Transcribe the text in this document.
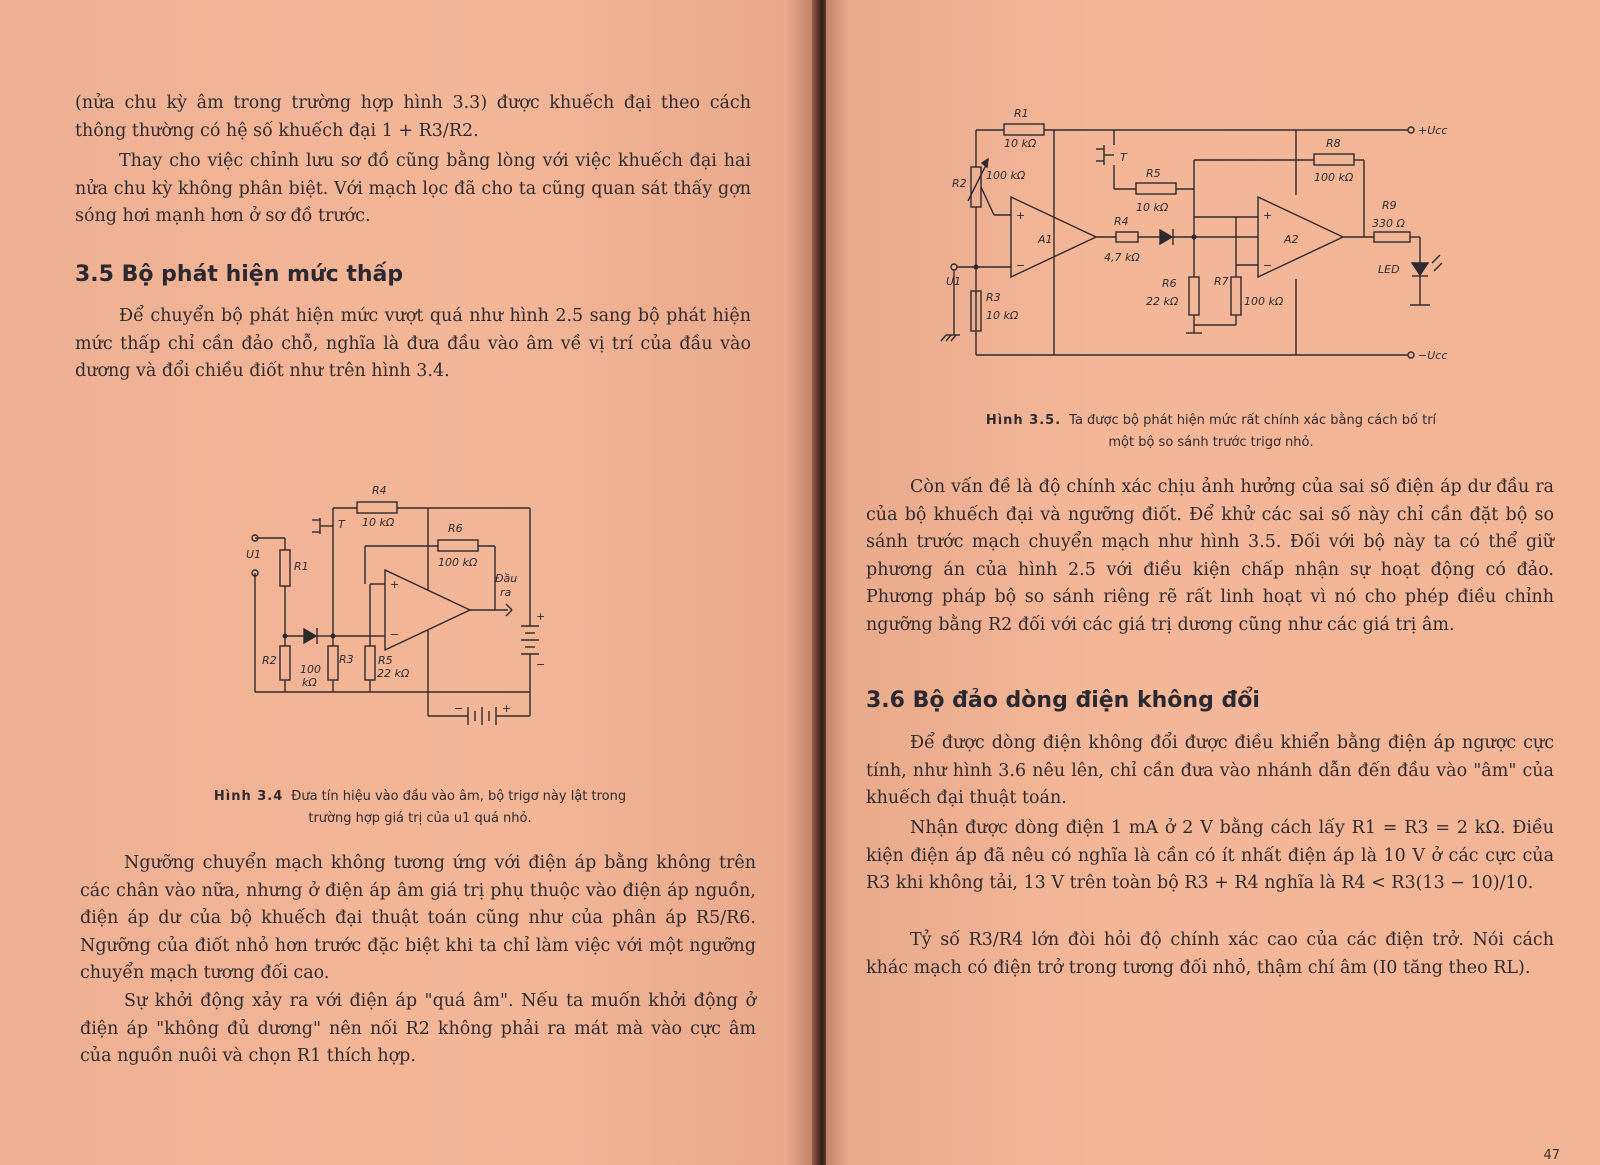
(nửa chu kỳ âm trong trường hợp hình 3.3) được khuếch đại theo cách thông thường có hệ số khuếch đại 1 + R3/R2.

Thay cho việc chỉnh lưu sơ đồ cũng bằng lòng với việc khuếch đại hai nửa chu kỳ không phân biệt. Với mạch lọc đã cho ta cũng quan sát thấy gợn sóng hơi mạnh hơn ở sơ đồ trước.

3.5 Bộ phát hiện mức thấp

Để chuyển bộ phát hiện mức vượt quá như hình 2.5 sang bộ phát hiện mức thấp chỉ cần đảo chỗ, nghĩa là đưa đầu vào âm về vị trí của đầu vào dương và đổi chiều điốt như trên hình 3.4.

U1
R1
R2	R3
100
kΩ
T
R4
10 kΩ
R5
22 kΩ
+
−
R6
100 kΩ
Đầu
ra
+
−
−	+
Hình 3.4 Đưa tín hiệu vào đầu vào âm, bộ trigơ này lật trong
trường hợp giá trị của u1 quá nhỏ.

Ngưỡng chuyển mạch không tương ứng với điện áp bằng không trên các chân vào nữa, nhưng ở điện áp âm giá trị phụ thuộc vào điện áp nguồn, điện áp dư của bộ khuếch đại thuật toán cũng như của phân áp R5/R6. Ngưỡng của điốt nhỏ hơn trước đặc biệt khi ta chỉ làm việc với một ngưỡng chuyển mạch tương đối cao.

Sự khởi động xảy ra với điện áp "quá âm". Nếu ta muốn khởi động ở điện áp "không đủ dương" nên nối R2 không phải ra mát mà vào cực âm của nguồn nuôi và chọn R1 thích hợp.

R1
10 kΩ
+Ucc
R2
100 kΩ
+
−
A1
U1
R3
10 kΩ
−Ucc
T
R5
10 kΩ
R4
4,7 kΩ
R6
22 kΩ
R7
100 kΩ
+
−
A2
R8
100 kΩ
R9
330 Ω
LED
Hình 3.5. Ta được bộ phát hiện mức rất chính xác bằng cách bố trí
một bộ so sánh trước trigơ nhỏ.

Còn vấn đề là độ chính xác chịu ảnh hưởng của sai số điện áp dư đầu ra của bộ khuếch đại và ngưỡng điốt. Để khử các sai số này chỉ cần đặt bộ so sánh trước mạch chuyển mạch như hình 3.5. Đối với bộ này ta có thể giữ phương án của hình 2.5 với điều kiện chấp nhận sự hoạt động có đảo. Phương pháp bộ so sánh riêng rẽ rất linh hoạt vì nó cho phép điều chỉnh ngưỡng bằng R2 đối với các giá trị dương cũng như các giá trị âm.

3.6 Bộ đảo dòng điện không đổi

Để được dòng điện không đổi được điều khiển bằng điện áp ngược cực tính, như hình 3.6 nêu lên, chỉ cần đưa vào nhánh dẫn đến đầu vào "âm" của khuếch đại thuật toán.

Nhận được dòng điện 1 mA ở 2 V bằng cách lấy R1 = R3 = 2 kΩ. Điều kiện điện áp đã nêu có nghĩa là cần có ít nhất điện áp là 10 V ở các cực của R3 khi không tải, 13 V trên toàn bộ R3 + R4 nghĩa là R4 < R3(13 − 10)/10.

Tỷ số R3/R4 lớn đòi hỏi độ chính xác cao của các điện trở. Nói cách khác mạch có điện trở trong tương đối nhỏ, thậm chí âm (I0 tăng theo RL).

47
